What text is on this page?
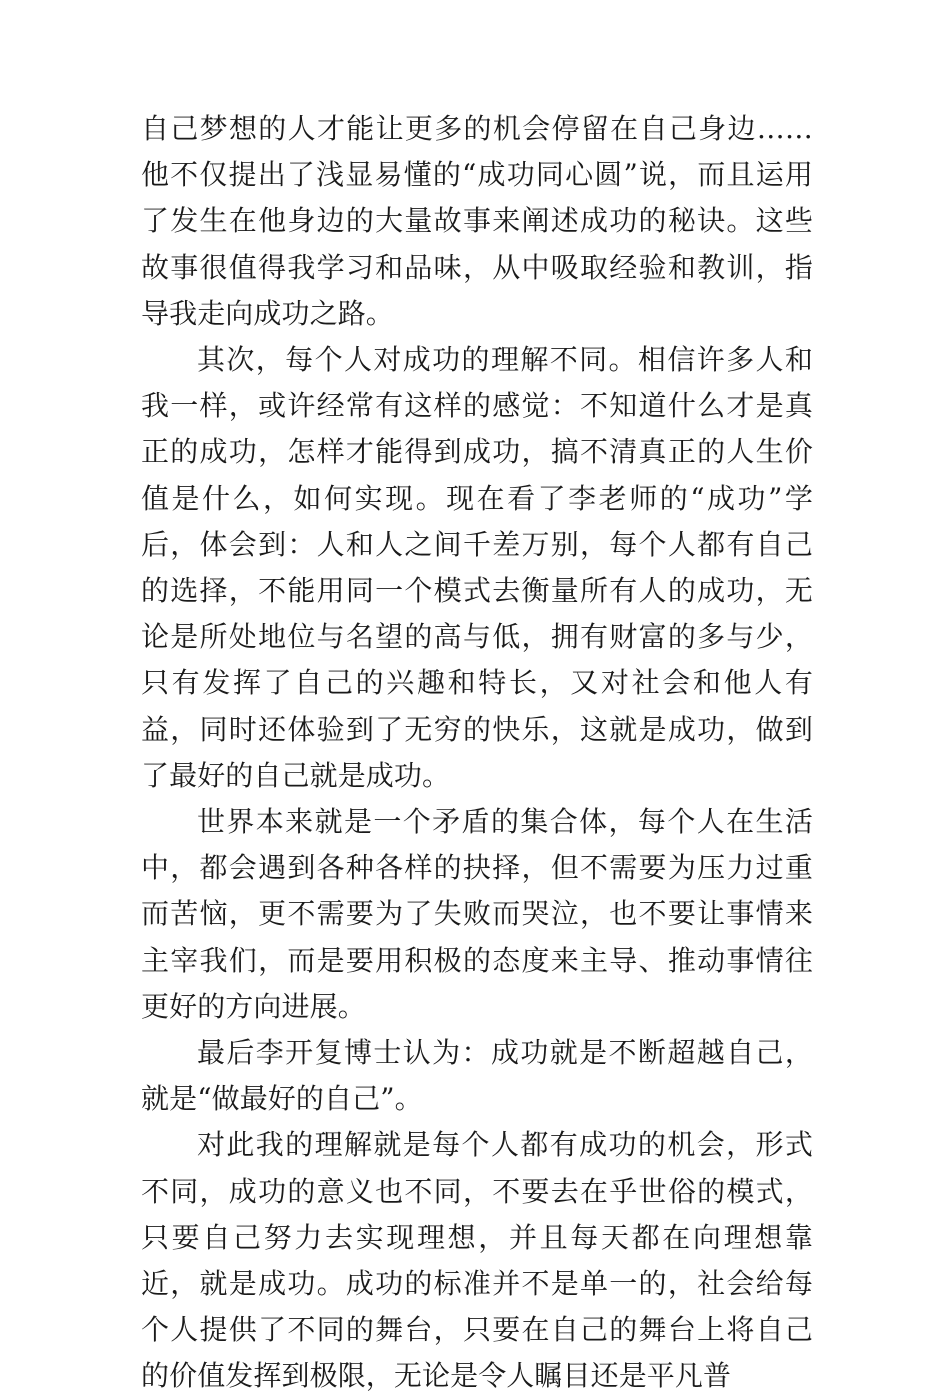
自己梦想的人才能让更多的机会停留在自己身边……他不仅提出了浅显易懂的“成功同心圆”说，而且运用了发生在他身边的大量故事来阐述成功的秘诀。这些故事很值得我学习和品味，从中吸取经验和教训，指导我走向成功之路。

其次，每个人对成功的理解不同。相信许多人和我一样，或许经常有这样的感觉：不知道什么才是真正的成功，怎样才能得到成功，搞不清真正的人生价值是什么，如何实现。现在看了李老师的“成功”学后，体会到：人和人之间千差万别，每个人都有自己的选择，不能用同一个模式去衡量所有人的成功，无论是所处地位与名望的高与低，拥有财富的多与少，只有发挥了自己的兴趣和特长，又对社会和他人有益，同时还体验到了无穷的快乐，这就是成功，做到了最好的自己就是成功。

世界本来就是一个矛盾的集合体，每个人在生活中，都会遇到各种各样的抉择，但不需要为压力过重而苦恼，更不需要为了失败而哭泣，也不要让事情来主宰我们，而是要用积极的态度来主导、推动事情往更好的方向进展。

最后李开复博士认为：成功就是不断超越自己，就是“做最好的自己”。

对此我的理解就是每个人都有成功的机会，形式不同，成功的意义也不同，不要去在乎世俗的模式，只要自己努力去实现理想，并且每天都在向理想靠近，就是成功。成功的标准并不是单一的，社会给每个人提供了不同的舞台，只要在自己的舞台上将自己的价值发挥到极限，无论是令人瞩目还是平凡普
